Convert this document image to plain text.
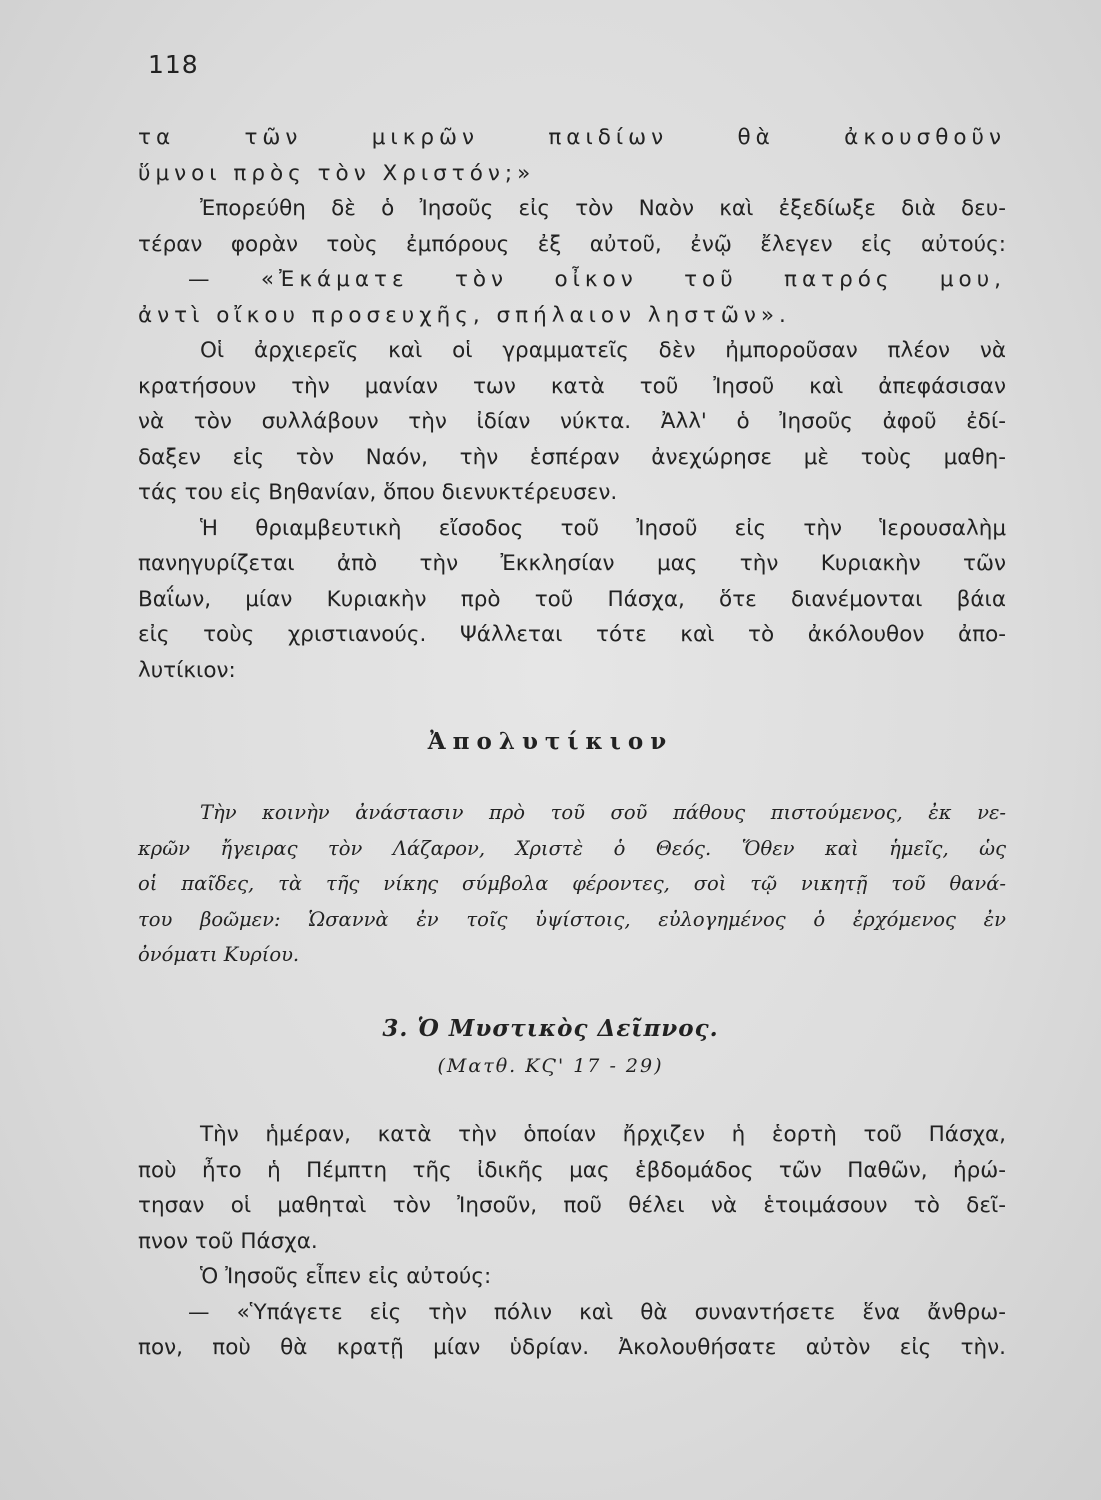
118
τα τῶν μικρῶν παιδίων θὰ ἀκουσθοῦν
ὕμνοι πρὸς τὸν Χριστόν;»
Ἐπορεύθη δὲ ὁ Ἰησοῦς εἰς τὸν Ναὸν καὶ ἐξεδίωξε διὰ δευ-
τέραν φορὰν τοὺς ἐμπόρους ἐξ αὐτοῦ, ἐνῷ ἔλεγεν εἰς αὐτούς:
— «Ἐκάματε τὸν οἶκον τοῦ πατρός μου,
ἀντὶ οἴκου προσευχῆς, σπήλαιον ληστῶν».
Οἱ ἀρχιερεῖς καὶ οἱ γραμματεῖς δὲν ἠμποροῦσαν πλέον νὰ
κρατήσουν τὴν μανίαν των κατὰ τοῦ Ἰησοῦ καὶ ἀπεφάσισαν
νὰ τὸν συλλάβουν τὴν ἰδίαν νύκτα. Ἀλλ' ὁ Ἰησοῦς ἀφοῦ ἐδί-
δαξεν εἰς τὸν Ναόν, τὴν ἑσπέραν ἀνεχώρησε μὲ τοὺς μαθη-
τάς του εἰς Βηθανίαν, ὅπου διενυκτέρευσεν.
Ἡ θριαμβευτικὴ εἴσοδος τοῦ Ἰησοῦ εἰς τὴν Ἱερουσαλὴμ
πανηγυρίζεται ἀπὸ τὴν Ἐκκλησίαν μας τὴν Κυριακὴν τῶν
Βαΐων, μίαν Κυριακὴν πρὸ τοῦ Πάσχα, ὅτε διανέμονται βάια
εἰς τοὺς χριστιανούς. Ψάλλεται τότε καὶ τὸ ἀκόλουθον ἀπο-
λυτίκιον:
Ἀπολυτίκιον
Τὴν κοινὴν ἀνάστασιν πρὸ τοῦ σοῦ πάθους πιστούμενος, ἐκ νε-
κρῶν ἤγειρας τὸν Λάζαρον, Χριστὲ ὁ Θεός. Ὅθεν καὶ ἡμεῖς, ὡς
οἱ παῖδες, τὰ τῆς νίκης σύμβολα φέροντες, σοὶ τῷ νικητῇ τοῦ θανά-
του βοῶμεν: Ὡσαννὰ ἐν τοῖς ὑψίστοις, εὐλογημένος ὁ ἐρχόμενος ἐν
ὀνόματι Κυρίου.
3. Ὁ Μυστικὸς Δεῖπνος.
(Ματθ. ΚϚ' 17 - 29)
Τὴν ἡμέραν, κατὰ τὴν ὁποίαν ἤρχιζεν ἡ ἑορτὴ τοῦ Πάσχα,
ποὺ ἦτο ἡ Πέμπτη τῆς ἰδικῆς μας ἑβδομάδος τῶν Παθῶν, ἠρώ-
τησαν οἱ μαθηταὶ τὸν Ἰησοῦν, ποῦ θέλει νὰ ἑτοιμάσουν τὸ δεῖ-
πνον τοῦ Πάσχα.
Ὁ Ἰησοῦς εἶπεν εἰς αὐτούς:
— «Ὑπάγετε εἰς τὴν πόλιν καὶ θὰ συναντήσετε ἕνα ἄνθρω-
πον, ποὺ θὰ κρατῇ μίαν ὑδρίαν. Ἀκολουθήσατε αὐτὸν εἰς τὴν.
